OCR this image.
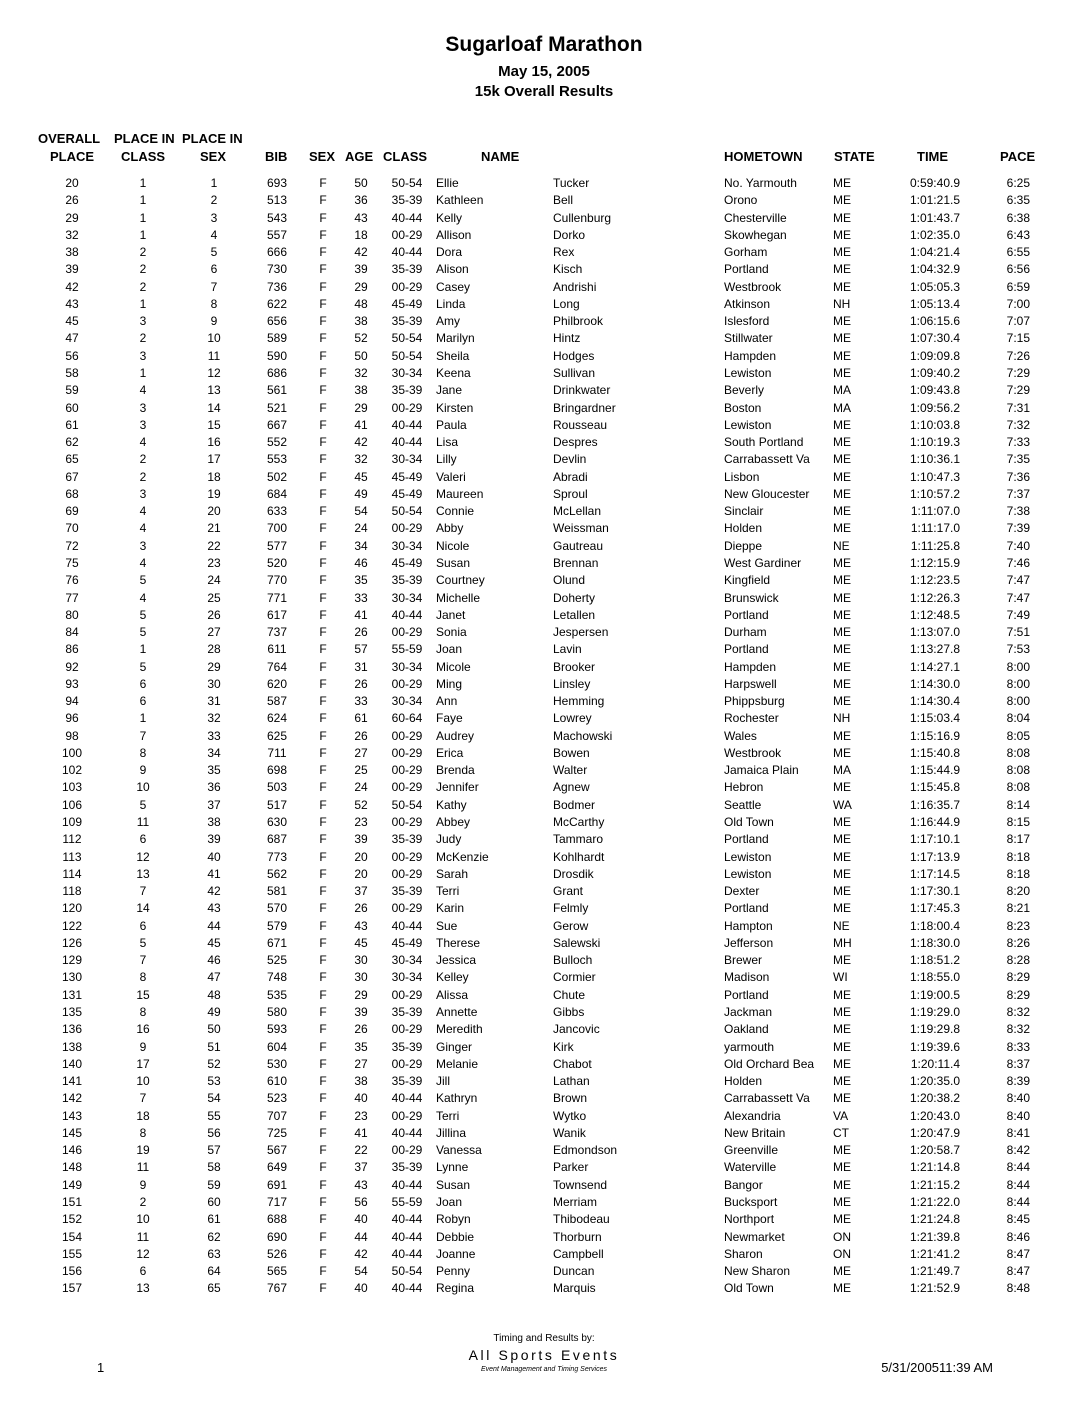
Sugarloaf Marathon
May 15, 2005
15k Overall Results
OVERALL PLACE IN PLACE IN
PLACE CLASS	SEX	BIB SEX AGE CLASS	NAME	HOMETOWN STATE	TIME	PACE
20	1	1	693	F 50 50-54 Ellie	Tucker	No. Yarmouth	ME	0:59:40.9	6:25
26	1	2	513	F 36 35-39 Kathleen	Bell	Orono	ME	1:01:21.5	6:35
29	1	3	543	F 43 40-44 Kelly	Cullenburg	Chesterville	ME	1:01:43.7	6:38
32	1	4	557	F 18 00-29 Allison	Dorko	Skowhegan	ME	1:02:35.0	6:43
38	2	5	666	F 42 40-44 Dora	Rex	Gorham	ME	1:04:21.4	6:55
39	2	6	730	F 39 35-39 Alison	Kisch	Portland	ME	1:04:32.9	6:56
42	2	7	736	F 29 00-29 Casey	Andrishi	Westbrook	ME	1:05:05.3	6:59
43	1	8	622	F 48 45-49 Linda	Long	Atkinson	NH	1:05:13.4	7:00
45	3	9	656	F 38 35-39 Amy	Philbrook	Islesford	ME	1:06:15.6	7:07
47	2	10	589	F 52 50-54 Marilyn	Hintz	Stillwater	ME	1:07:30.4	7:15
56	3	11	590	F 50 50-54 Sheila	Hodges	Hampden	ME	1:09:09.8	7:26
58	1	12	686	F 32 30-34 Keena	Sullivan	Lewiston	ME	1:09:40.2	7:29
59	4	13	561	F 38 35-39 Jane	Drinkwater	Beverly	MA	1:09:43.8	7:29
60	3	14	521	F 29 00-29 Kirsten	Bringardner	Boston	MA	1:09:56.2	7:31
61	3	15	667	F 41 40-44 Paula	Rousseau	Lewiston	ME	1:10:03.8	7:32
62	4	16	552	F 42 40-44 Lisa	Despres	South Portland ME	1:10:19.3	7:33
65	2	17	553	F 32 30-34 Lilly	Devlin	Carrabassett Va ME	1:10:36.1	7:35
67	2	18	502	F 45 45-49 Valeri	Abradi	Lisbon	ME	1:10:47.3	7:36
68	3	19	684	F 49 45-49 Maureen	Sproul	New Gloucester ME	1:10:57.2	7:37
69	4	20	633	F 54 50-54 Connie	McLellan	Sinclair	ME	1:11:07.0	7:38
70	4	21	700	F 24 00-29 Abby	Weissman	Holden	ME	1:11:17.0	7:39
72	3	22	577	F 34 30-34 Nicole	Gautreau	Dieppe	NE	1:11:25.8	7:40
75	4	23	520	F 46 45-49 Susan	Brennan	West Gardiner	ME	1:12:15.9	7:46
76	5	24	770	F 35 35-39 Courtney	Olund	Kingfield	ME	1:12:23.5	7:47
77	4	25	771	F 33 30-34 Michelle	Doherty	Brunswick	ME	1:12:26.3	7:47
80	5	26	617	F 41 40-44 Janet	Letallen	Portland	ME	1:12:48.5	7:49
84	5	27	737	F 26 00-29 Sonia	Jespersen	Durham	ME	1:13:07.0	7:51
86	1	28	611	F 57 55-59 Joan	Lavin	Portland	ME	1:13:27.8	7:53
92	5	29	764	F 31 30-34 Micole	Brooker	Hampden	ME	1:14:27.1	8:00
93	6	30	620	F 26 00-29 Ming	Linsley	Harpswell	ME	1:14:30.0	8:00
94	6	31	587	F 33 30-34 Ann	Hemming	Phippsburg	ME	1:14:30.4	8:00
96	1	32	624	F 61 60-64 Faye	Lowrey	Rochester	NH	1:15:03.4	8:04
98	7	33	625	F 26 00-29 Audrey	Machowski	Wales	ME	1:15:16.9	8:05
100	8	34	711	F 27 00-29 Erica	Bowen	Westbrook	ME	1:15:40.8	8:08
102	9	35	698	F 25 00-29 Brenda	Walter	Jamaica Plain	MA	1:15:44.9	8:08
103	10	36	503	F 24 00-29 Jennifer	Agnew	Hebron	ME	1:15:45.8	8:08
106	5	37	517	F 52 50-54 Kathy	Bodmer	Seattle	WA	1:16:35.7	8:14
109	11	38	630	F 23 00-29 Abbey	McCarthy	Old Town	ME	1:16:44.9	8:15
112	6	39	687	F 39 35-39 Judy	Tammaro	Portland	ME	1:17:10.1	8:17
113	12	40	773	F 20 00-29 McKenzie	Kohlhardt	Lewiston	ME	1:17:13.9	8:18
114	13	41	562	F 20 00-29 Sarah	Drosdik	Lewiston	ME	1:17:14.5	8:18
118	7	42	581	F 37 35-39 Terri	Grant	Dexter	ME	1:17:30.1	8:20
120	14	43	570	F 26 00-29 Karin	Felmly	Portland	ME	1:17:45.3	8:21
122	6	44	579	F 43 40-44 Sue	Gerow	Hampton	NE	1:18:00.4	8:23
126	5	45	671	F 45 45-49 Therese	Salewski	Jefferson	MH	1:18:30.0	8:26
129	7	46	525	F 30 30-34 Jessica	Bulloch	Brewer	ME	1:18:51.2	8:28
130	8	47	748	F 30 30-34 Kelley	Cormier	Madison	WI	1:18:55.0	8:29
131	15	48	535	F 29 00-29 Alissa	Chute	Portland	ME	1:19:00.5	8:29
135	8	49	580	F 39 35-39 Annette	Gibbs	Jackman	ME	1:19:29.0	8:32
136	16	50	593	F 26 00-29 Meredith	Jancovic	Oakland	ME	1:19:29.8	8:32
138	9	51	604	F 35 35-39 Ginger	Kirk	yarmouth	ME	1:19:39.6	8:33
140	17	52	530	F 27 00-29 Melanie	Chabot	Old Orchard Bea ME	1:20:11.4	8:37
141	10	53	610	F 38 35-39 Jill	Lathan	Holden	ME	1:20:35.0	8:39
142	7	54	523	F 40 40-44 Kathryn	Brown	Carrabassett Va ME	1:20:38.2	8:40
143	18	55	707	F 23 00-29 Terri	Wytko	Alexandria	VA	1:20:43.0	8:40
145	8	56	725	F 41 40-44 Jillina	Wanik	New Britain	CT	1:20:47.9	8:41
146	19	57	567	F 22 00-29 Vanessa	Edmondson	Greenville	ME	1:20:58.7	8:42
148	11	58	649	F 37 35-39 Lynne	Parker	Waterville	ME	1:21:14.8	8:44
149	9	59	691	F 43 40-44 Susan	Townsend	Bangor	ME	1:21:15.2	8:44
151	2	60	717	F 56 55-59 Joan	Merriam	Bucksport	ME	1:21:22.0	8:44
152	10	61	688	F 40 40-44 Robyn	Thibodeau	Northport	ME	1:21:24.8	8:45
154	11	62	690	F 44 40-44 Debbie	Thorburn	Newmarket	ON	1:21:39.8	8:46
155	12	63	526	F 42 40-44 Joanne	Campbell	Sharon	ON	1:21:41.2	8:47
156	6	64	565	F 54 50-54 Penny	Duncan	New Sharon	ME	1:21:49.7	8:47
157	13	65	767	F 40 40-44 Regina	Marquis	Old Town	ME	1:21:52.9	8:48
Timing and Results by:
All Sports Events
Event Management and Timing Services
1	5/31/200511:39 AM
